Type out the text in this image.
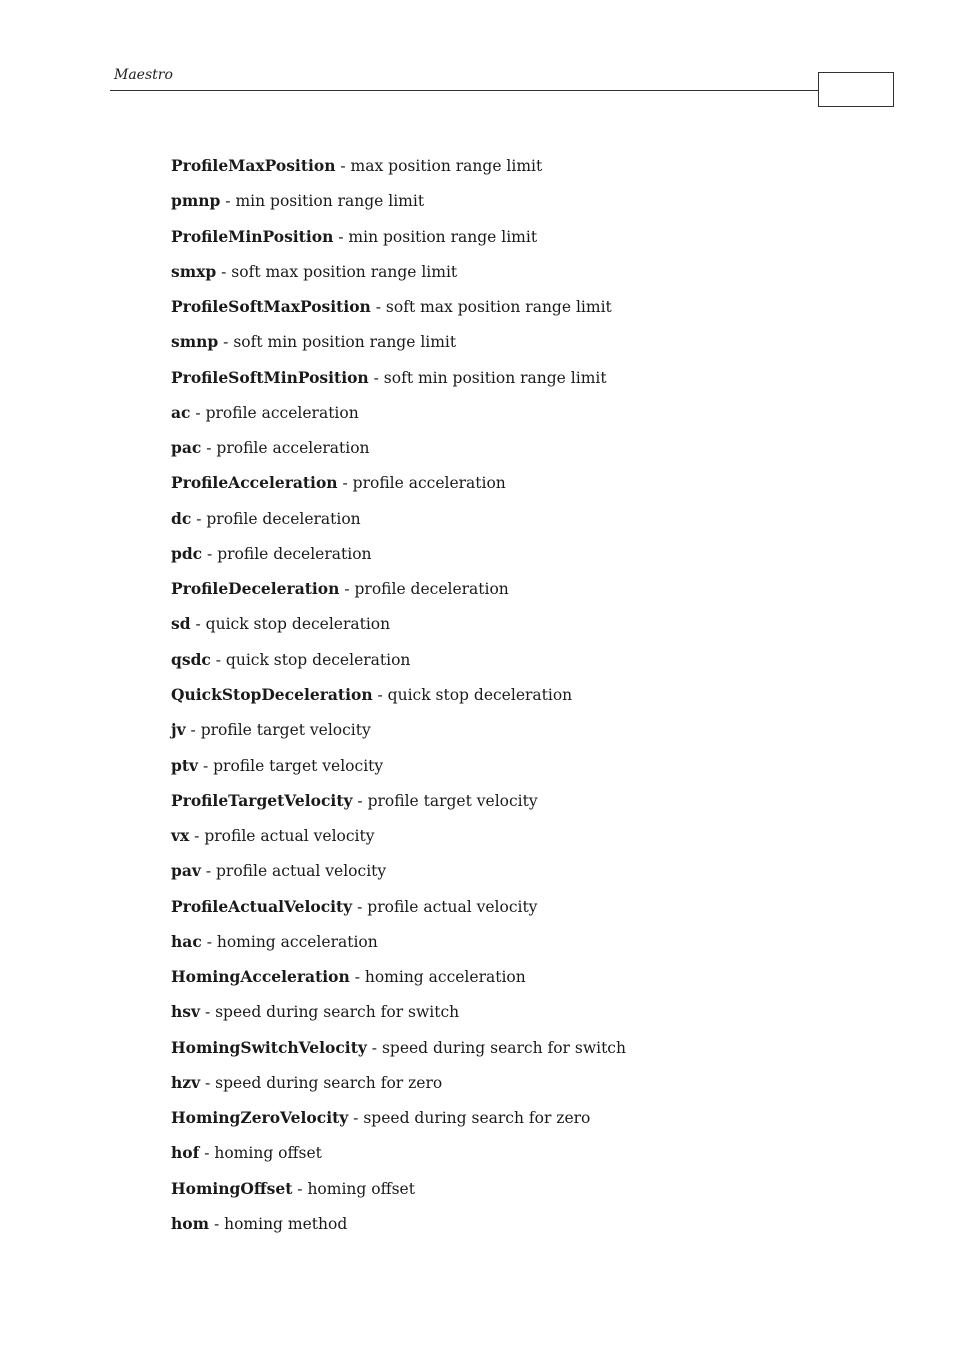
Maestro
ProfileMaxPosition - max position range limit
pmnp - min position range limit
ProfileMinPosition - min position range limit
smxp - soft max position range limit
ProfileSoftMaxPosition - soft max position range limit
smnp - soft min position range limit
ProfileSoftMinPosition - soft min position range limit
ac - profile acceleration
pac - profile acceleration
ProfileAcceleration - profile acceleration
dc - profile deceleration
pdc - profile deceleration
ProfileDeceleration - profile deceleration
sd - quick stop deceleration
qsdc - quick stop deceleration
QuickStopDeceleration - quick stop deceleration
jv - profile target velocity
ptv - profile target velocity
ProfileTargetVelocity - profile target velocity
vx - profile actual velocity
pav - profile actual velocity
ProfileActualVelocity - profile actual velocity
hac - homing acceleration
HomingAcceleration - homing acceleration
hsv - speed during search for switch
HomingSwitchVelocity - speed during search for switch
hzv - speed during search for zero
HomingZeroVelocity - speed during search for zero
hof - homing offset
HomingOffset - homing offset
hom - homing method
